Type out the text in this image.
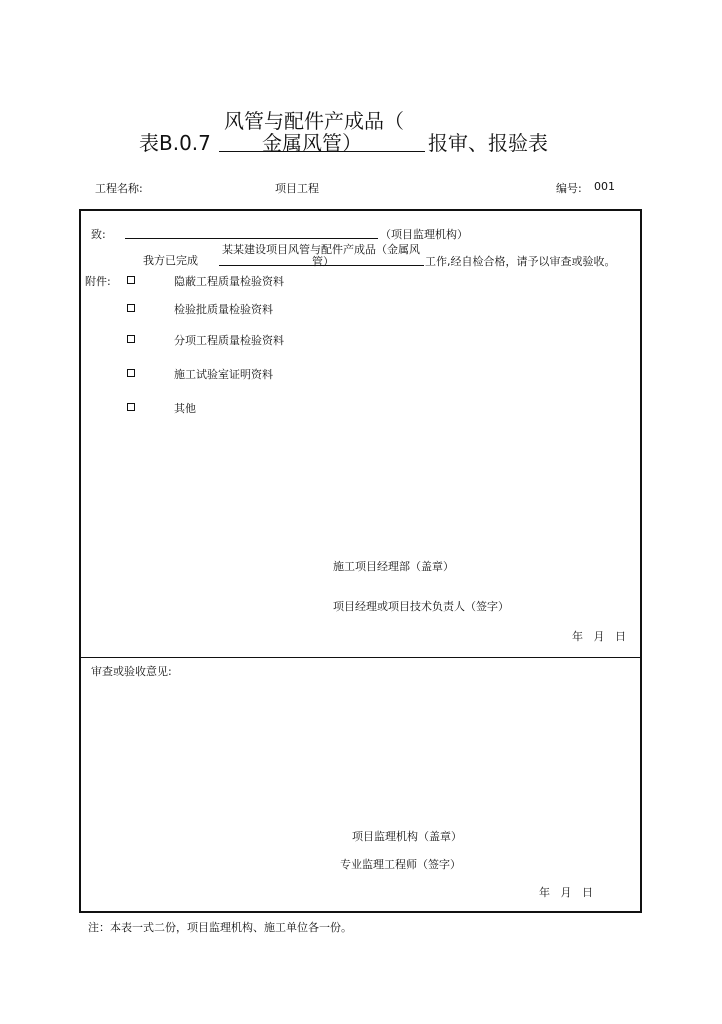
风管与配件产成品（
表B.0.7	金属风管）	报审、报验表
工程名称:	项目工程	编号: 001
致:	（项目监理机构）
我方已完成
某某建设项目风管与配件产成品（金属风
管）	工作,经自检合格，请予以审查或验收。
附件:	隐蔽工程质量检验资料
检验批质量检验资料
分项工程质量检验资料
施工试验室证明资料
其他
施工项目经理部（盖章）
项目经理或项目技术负责人（签字）
年   月   日
审查或验收意见:
项目监理机构（盖章）
专业监理工程师（签字）
年   月   日
注：本表一式二份，项目监理机构、施工单位各一份。
